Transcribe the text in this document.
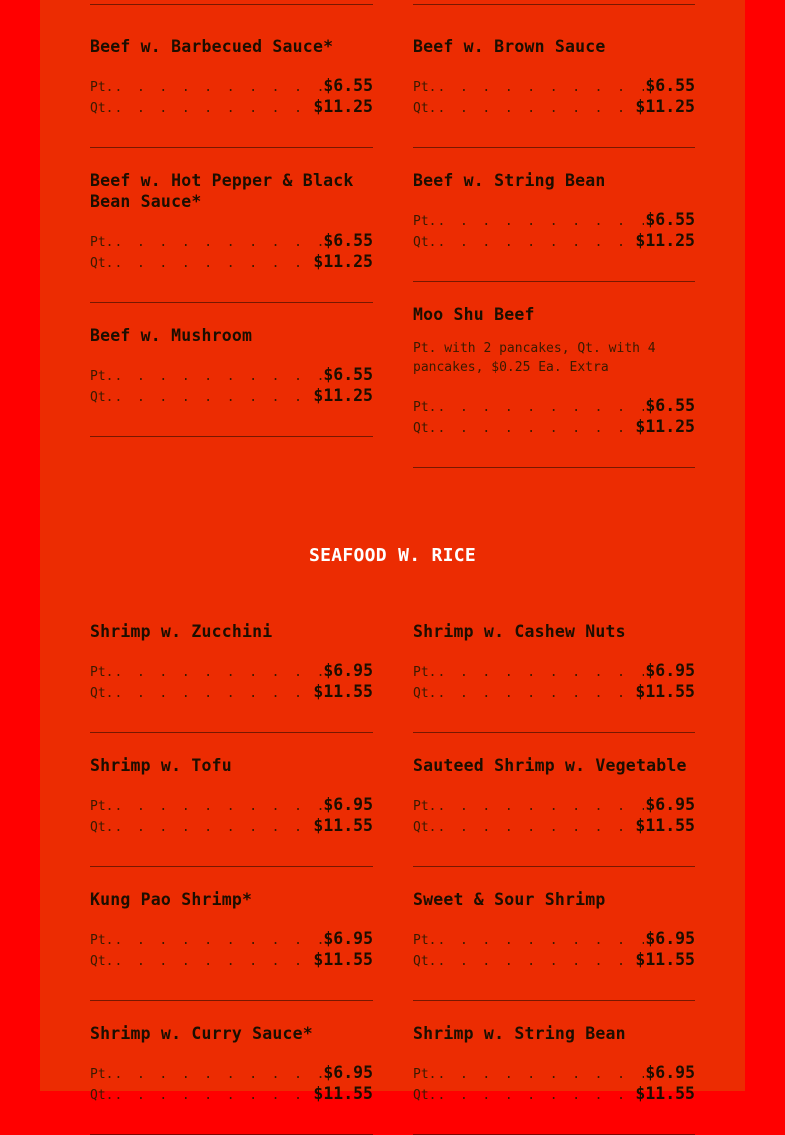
SEAFOOD W. RICE
Beef w. Barbecued Sauce*
Pt. . . .	$6.55
Qt. . . .	$11.25
Beef w. Hot Pepper & Black Bean Sauce*
Pt. . . .	$6.55
Qt. . . .	$11.25
Beef w. Mushroom
Pt. . . .	$6.55
Qt. . . .	$11.25
Beef w. Brown Sauce
Pt. . . .	$6.55
Qt. . . .	$11.25
Beef w. String Bean
Pt. . . .	$6.55
Qt. . . .	$11.25
Moo Shu Beef
Pt. with 2 pancakes, Qt. with 4 pancakes, $0.25 Ea. Extra
Pt. . . .	$6.55
Qt. . . .	$11.25
Shrimp w. Zucchini
Pt. . . .	$6.95
Qt. . . .	$11.55
Shrimp w. Tofu
Pt. . . .	$6.95
Qt. . . .	$11.55
Kung Pao Shrimp*
Pt. . . .	$6.95
Qt. . . .	$11.55
Shrimp w. Curry Sauce*
Pt. . . .	$6.95
Qt. . . .	$11.55
Shrimp w. Cashew Nuts
Pt. . . .	$6.95
Qt. . . .	$11.55
Sauteed Shrimp w. Vegetable
Pt. . . .	$6.95
Qt. . . .	$11.55
Sweet & Sour Shrimp
Pt. . . .	$6.95
Qt. . . .	$11.55
Shrimp w. String Bean
Pt. . . .	$6.95
Qt. . . .	$11.55
